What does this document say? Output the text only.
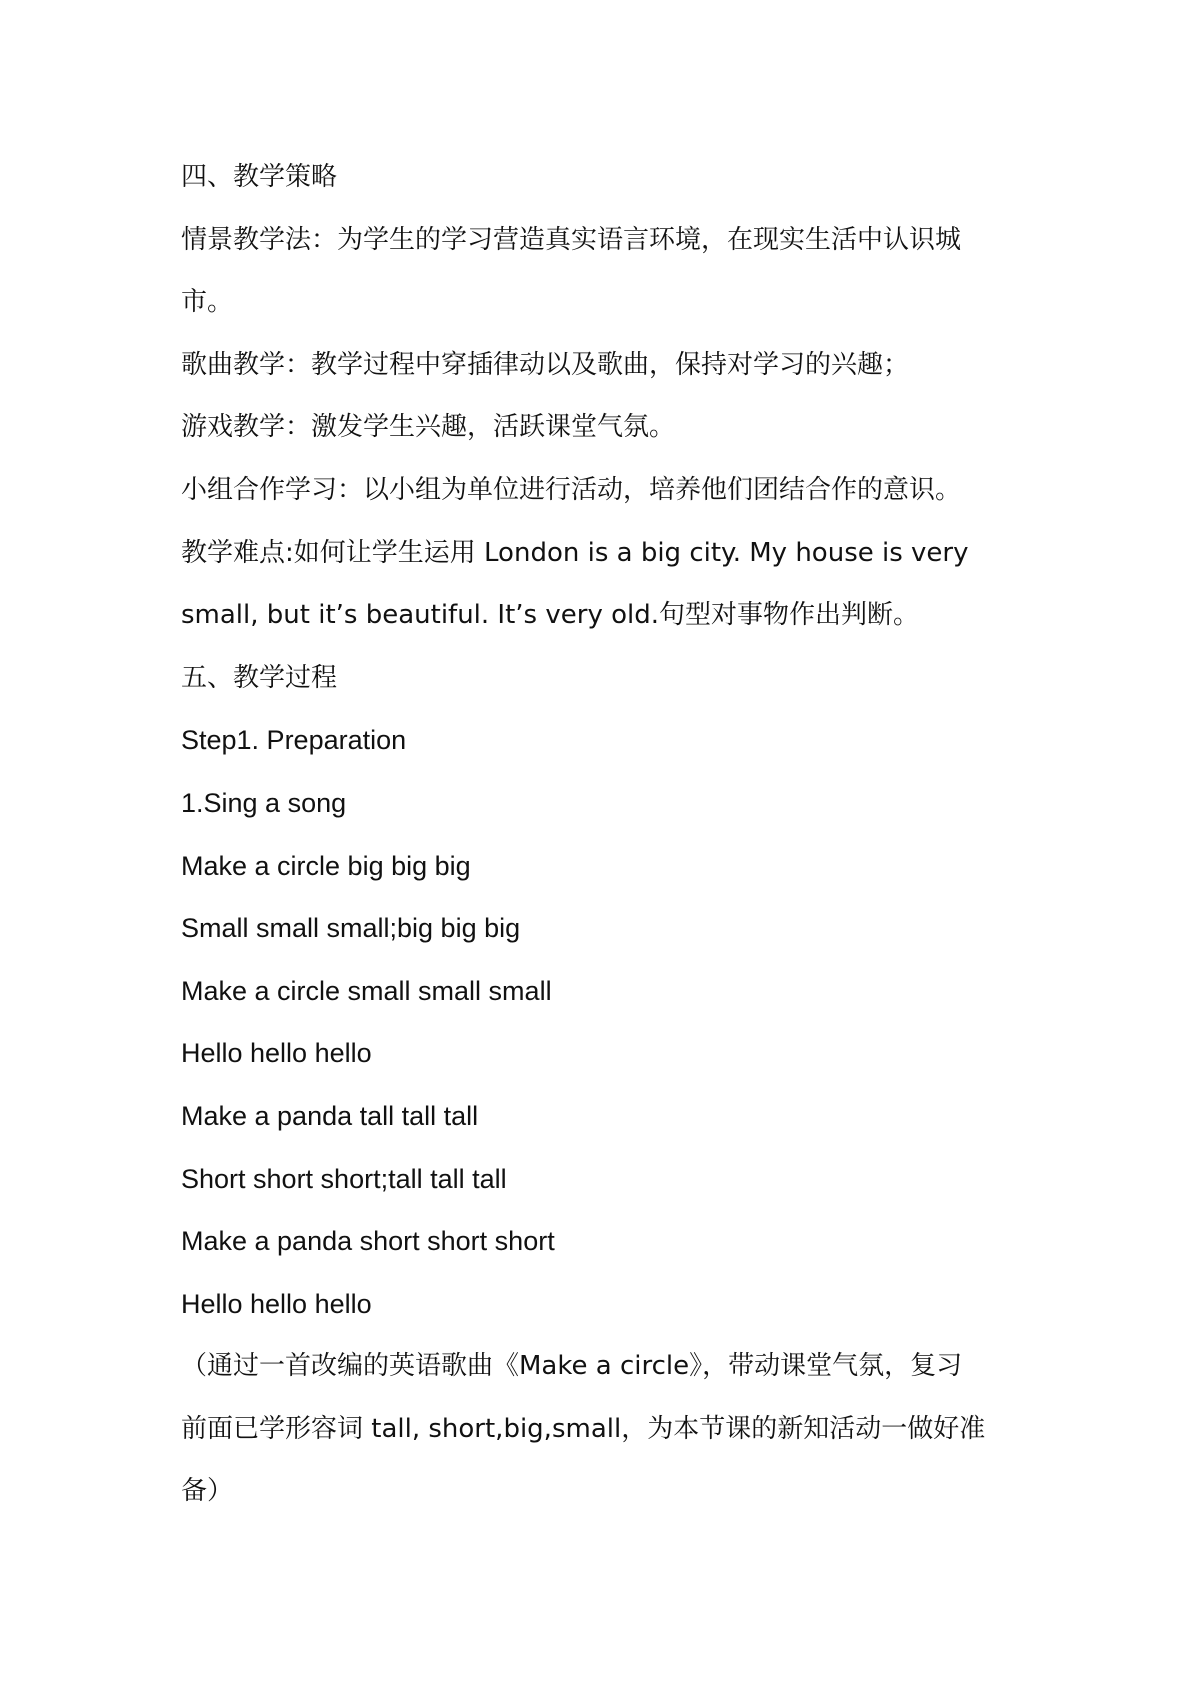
四、教学策略
情景教学法：为学生的学习营造真实语言环境，在现实生活中认识城
市。
歌曲教学：教学过程中穿插律动以及歌曲，保持对学习的兴趣；
游戏教学：激发学生兴趣，活跃课堂气氛。
小组合作学习：以小组为单位进行活动，培养他们团结合作的意识。
教学难点:如何让学生运用 London is a big city. My house is very
small, but it’s beautiful. It’s very old.句型对事物作出判断。
五、教学过程
Step1. Preparation
1.Sing a song
Make a circle big big big
Small small small;big big big
Make a circle small small small
Hello hello hello
Make a panda tall tall tall
Short short short;tall tall tall
Make a panda short short short
Hello hello hello
（通过一首改编的英语歌曲《Make a circle》，带动课堂气氛，复习
前面已学形容词 tall, short,big,small，为本节课的新知活动一做好准
备）
